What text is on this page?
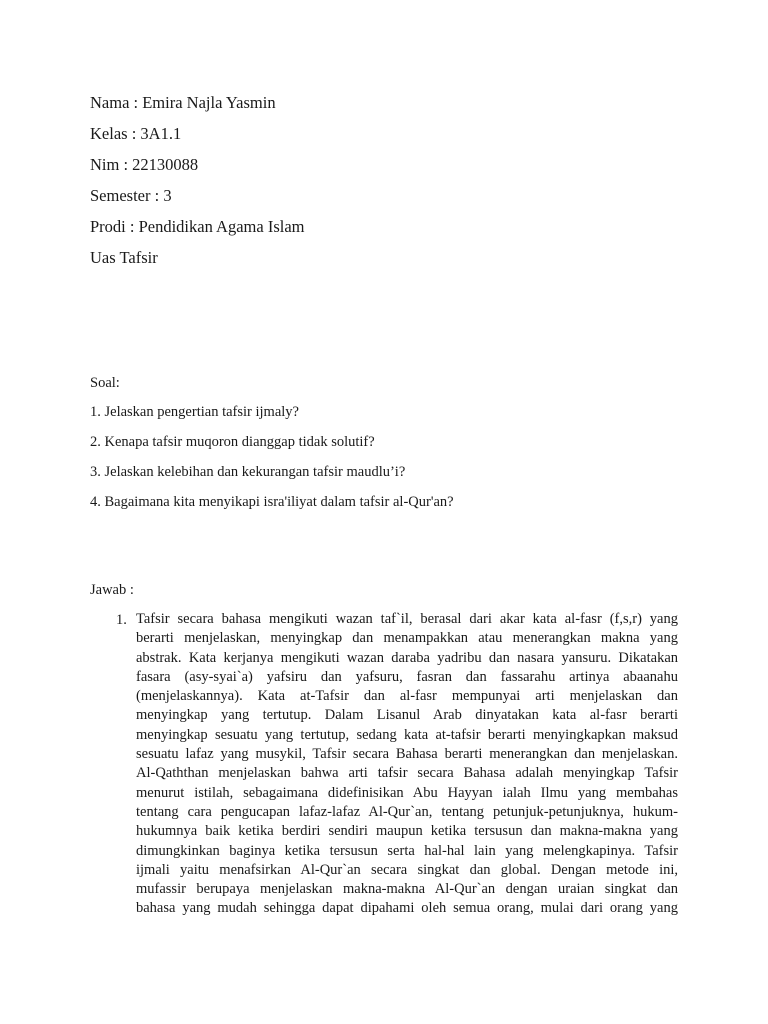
Nama : Emira Najla Yasmin
Kelas : 3A1.1
Nim : 22130088
Semester : 3
Prodi : Pendidikan Agama Islam
Uas Tafsir
Soal:
1. Jelaskan pengertian tafsir ijmaly?
2. Kenapa tafsir muqoron dianggap tidak solutif?
3. Jelaskan kelebihan dan kekurangan tafsir maudlu’i?
4. Bagaimana kita menyikapi isra'iliyat dalam tafsir al-Qur'an?
Jawab :
1. Tafsir secara bahasa mengikuti wazan taf`il, berasal dari akar kata al-fasr (f,s,r) yang
berarti menjelaskan, menyingkap dan menampakkan atau menerangkan makna yang
abstrak. Kata kerjanya mengikuti wazan daraba yadribu dan nasara yansuru. Dikatakan
fasara (asy-syai`a) yafsiru dan yafsuru, fasran dan fassarahu artinya abaanahu
(menjelaskannya). Kata at-Tafsir dan al-fasr mempunyai arti menjelaskan dan
menyingkap yang tertutup. Dalam Lisanul Arab dinyatakan kata al-fasr berarti
menyingkap sesuatu yang tertutup, sedang kata at-tafsir berarti menyingkapkan maksud
sesuatu lafaz yang musykil, Tafsir secara Bahasa berarti menerangkan dan menjelaskan.
Al-Qaththan menjelaskan bahwa arti tafsir secara Bahasa adalah menyingkap Tafsir
menurut istilah, sebagaimana didefinisikan Abu Hayyan ialah Ilmu yang membahas
tentang cara pengucapan lafaz-lafaz Al-Qur`an, tentang petunjuk-petunjuknya, hukum-
hukumnya baik ketika berdiri sendiri maupun ketika tersusun dan makna-makna yang
dimungkinkan baginya ketika tersusun serta hal-hal lain yang melengkapinya. Tafsir
ijmali yaitu menafsirkan Al-Qur`an secara singkat dan global. Dengan metode ini,
mufassir berupaya menjelaskan makna-makna Al-Qur`an dengan uraian singkat dan
bahasa yang mudah sehingga dapat dipahami oleh semua orang, mulai dari orang yang
